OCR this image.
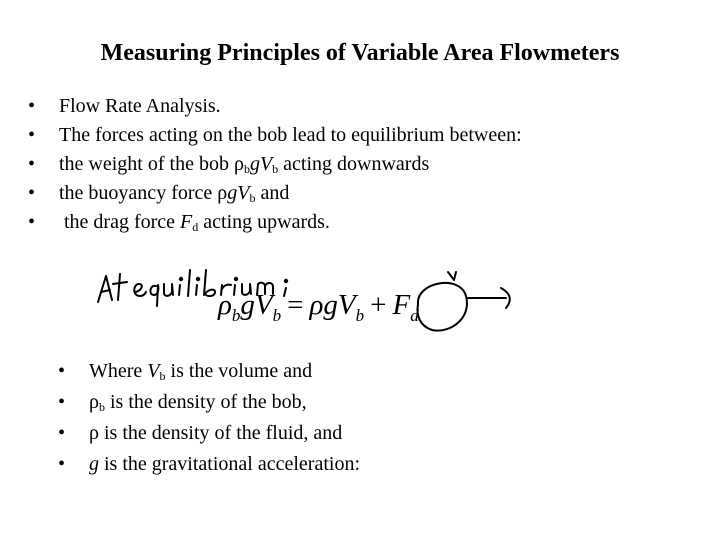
Measuring Principles of Variable Area Flowmeters
• Flow Rate Analysis.
• The forces acting on the bob lead to equilibrium between:
• the weight of the bob $\rho_bgV_b$ acting downwards
• the buoyancy force ρgV$_b$ and
• the drag force $F_d$ acting upwards.
$\rho_bgV_b = \rho gV_b + F_d$
• Where $V_b$ is the volume and
• $\rho_b$ is the density of the bob,
• ρ is the density of the fluid, and
• g is the gravitational acceleration:
